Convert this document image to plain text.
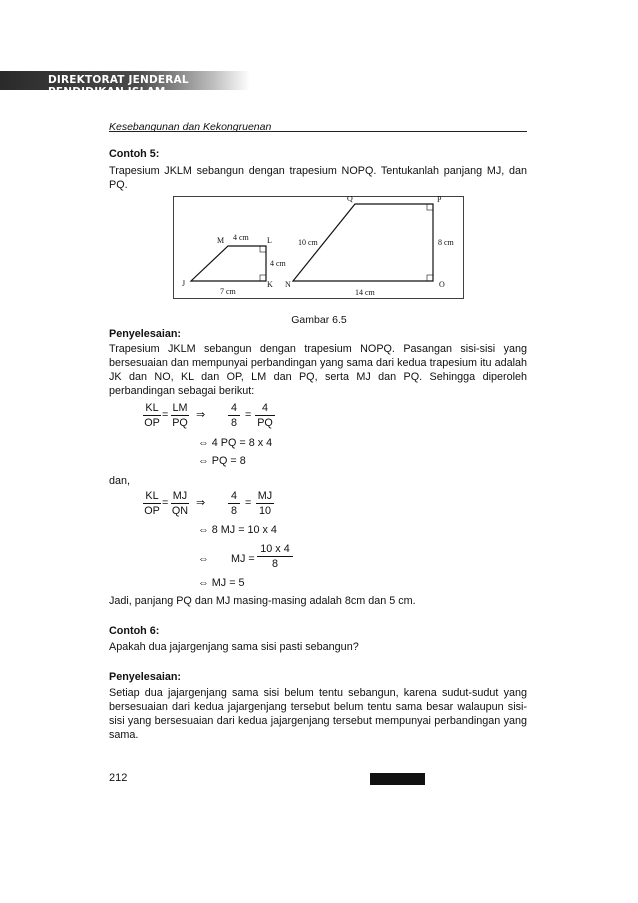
DIREKTORAT JENDERAL PENDIDIKAN ISLAM
Kesebangunan dan Kekongruenan
Contoh 5:
Trapesium JKLM sebangun dengan trapesium NOPQ. Tentukanlah panjang MJ, dan PQ.
J	K
L
M
N	O
P
Q
7 cm
4 cm
4 cm
10 cm
14 cm
8 cm
Gambar 6.5
Penyelesaian:
Trapesium JKLM sebangun dengan trapesium NOPQ. Pasangan sisi-sisi yang bersesuaian dan mempunyai perbandingan yang sama dari kedua trapesium itu adalah JK dan NO, KL dan OP, LM dan PQ, serta MJ dan PQ. Sehingga diperoleh perbandingan sebagai berikut:
$\frac{KL}{OP} = \frac{LM}{PQ}$ ⇒ $\frac{4}{8} = \frac{4}{PQ}$
⇔ 4 PQ = 8 x 4
⇔ PQ = 8
dan,
$\frac{KL}{OP} = \frac{MJ}{QN}$ ⇒ $\frac{4}{8} = \frac{MJ}{10}$
⇔ 8 MJ = 10 x 4
⇔ MJ = $\frac{10 x 4}{8}$
⇔ MJ = 5
Jadi, panjang PQ dan MJ masing-masing adalah 8cm dan 5 cm.
Contoh 6:
Apakah dua jajargenjang sama sisi pasti sebangun?
Penyelesaian:
Setiap dua jajargenjang sama sisi belum tentu sebangun, karena sudut-sudut yang bersesuaian dari kedua jajargenjang tersebut belum tentu sama besar walaupun sisi-sisi yang bersesuaian dari kedua jajargenjang tersebut mempunyai perbandingan yang sama.
212
